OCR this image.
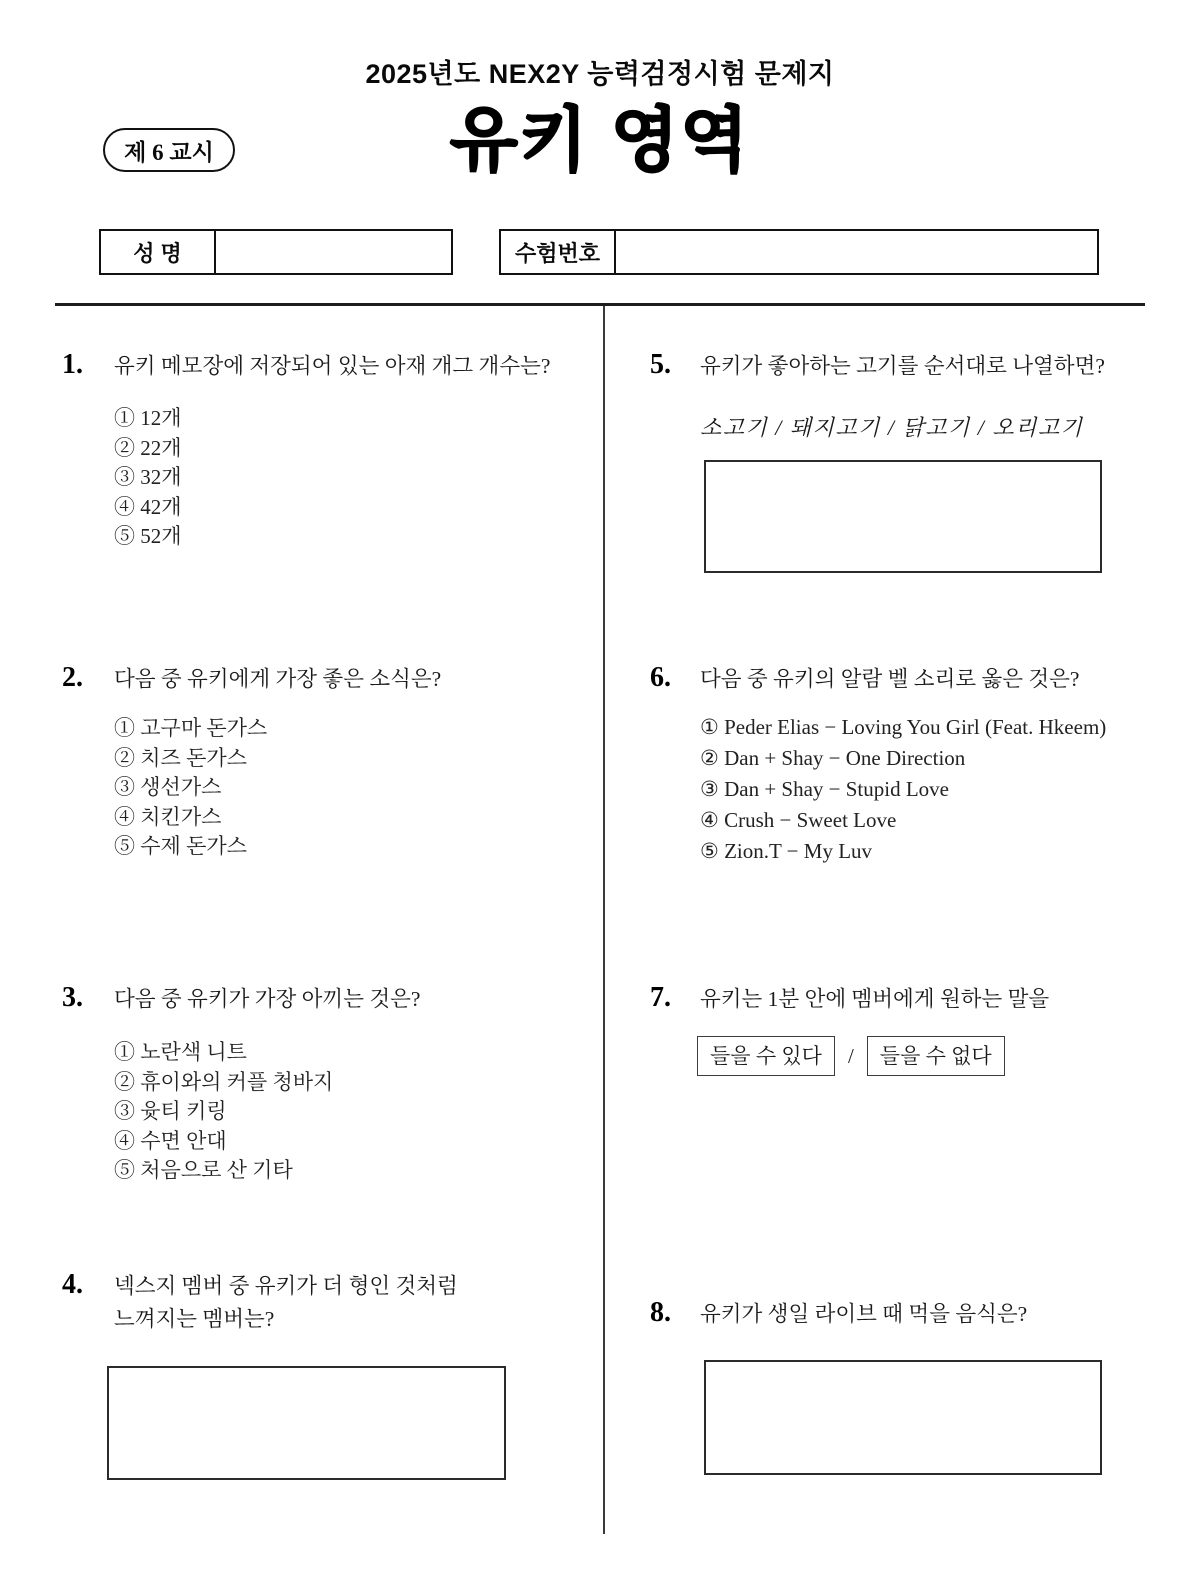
2025년도 NEX2Y 능력검정시험 문제지
유키 영역
제 6 교시
성 명	수험번호
1.	유키 메모장에 저장되어 있는 아재 개그 개수는?
① 12개
② 22개
③ 32개
④ 42개
⑤ 52개
2.	다음 중 유키에게 가장 좋은 소식은?
① 고구마 돈가스
② 치즈 돈가스
③ 생선가스
④ 치킨가스
⑤ 수제 돈가스
3.	다음 중 유키가 가장 아끼는 것은?
① 노란색 니트
② 휴이와의 커플 청바지
③ 윳티 키링
④ 수면 안대
⑤ 처음으로 산 기타
4.	넥스지 멤버 중 유키가 더 형인 것처럼
느껴지는 멤버는?
5.	유키가 좋아하는 고기를 순서대로 나열하면?
소고기 / 돼지고기 / 닭고기 / 오리고기
6.	다음 중 유키의 알람 벨 소리로 옳은 것은?
① Peder Elias − Loving You Girl (Feat. Hkeem)
② Dan + Shay − One Direction
③ Dan + Shay − Stupid Love
④ Crush − Sweet Love
⑤ Zion.T − My Luv
7.	유키는 1분 안에 멤버에게 원하는 말을
들을 수 있다	/	들을 수 없다
8.	유키가 생일 라이브 때 먹을 음식은?
